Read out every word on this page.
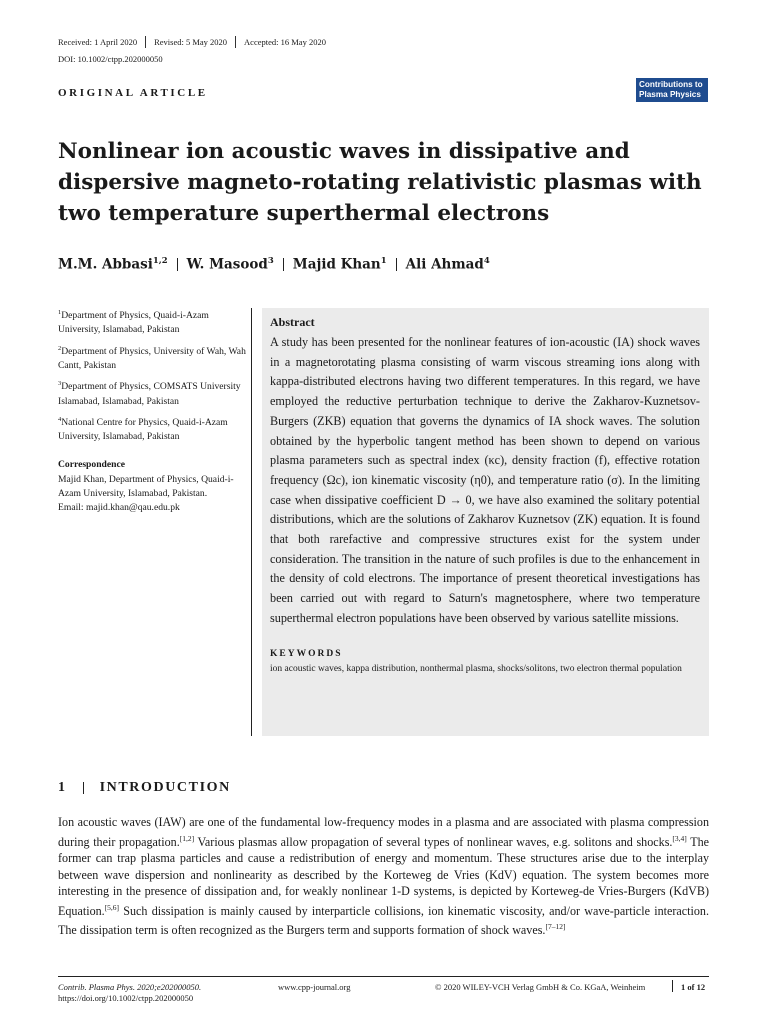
Received: 1 April 2020 Revised: 5 May 2020 Accepted: 16 May 2020
DOI: 10.1002/ctpp.202000050
ORIGINAL ARTICLE
Contributions to
Plasma Physics
Nonlinear ion acoustic waves in dissipative and dispersive magneto-rotating relativistic plasmas with two temperature superthermal electrons
M.M. Abbasi$^{1,2}$ W. Masood$^3$ Majid Khan$^1$ Ali Ahmad$^4$
$^1$Department of Physics, Quaid-i-Azam University, Islamabad, Pakistan
$^2$Department of Physics, University of Wah, Wah Cantt, Pakistan
$^3$Department of Physics, COMSATS University Islamabad, Islamabad, Pakistan
$^4$National Centre for Physics, Quaid-i-Azam University, Islamabad, Pakistan
Correspondence
Majid Khan, Department of Physics, Quaid-i-Azam University, Islamabad, Pakistan.
Email: majid.khan@qau.edu.pk
Abstract
A study has been presented for the nonlinear features of ion-acoustic (IA) shock waves in a magnetorotating plasma consisting of warm viscous streaming ions along with kappa-distributed electrons having two different temperatures. In this regard, we have employed the reductive perturbation technique to derive the Zakharov-Kuznetsov-Burgers (ZKB) equation that governs the dynamics of IA shock waves. The solution obtained by the hyperbolic tangent method has been shown to depend on various plasma parameters such as spectral index (κc), density fraction (f), effective rotation frequency (Ωc), ion kinematic viscosity (η0), and temperature ratio (σ). In the limiting case when dissipative coefficient D → 0, we have also examined the solitary potential distributions, which are the solutions of Zakharov Kuznetsov (ZK) equation. It is found that both rarefactive and compressive structures exist for the system under consideration. The transition in the nature of such profiles is due to the enhancement in the density of cold electrons. The importance of present theoretical investigations has been carried out with regard to Saturn's magnetosphere, where two temperature superthermal electron populations have been observed by various satellite missions.
KEYWORDS
ion acoustic waves, kappa distribution, nonthermal plasma, shocks/solitons, two electron thermal population
1 INTRODUCTION

Ion acoustic waves (IAW) are one of the fundamental low-frequency modes in a plasma and are associated with plasma compression during their propagation.[1,2] Various plasmas allow propagation of several types of nonlinear waves, e.g. solitons and shocks.[3,4] The former can trap plasma particles and cause a redistribution of energy and momentum. These structures arise due to the interplay between wave dispersion and nonlinearity as described by the Korteweg de Vries (KdV) equation. The system becomes more interesting in the presence of dissipation and, for weakly nonlinear 1-D systems, is depicted by Korteweg-de Vries-Burgers (KdVB) Equation.[5,6] Such dissipation is mainly caused by interparticle collisions, ion kinematic viscosity, and/or wave-particle interaction. The dissipation term is often recognized as the Burgers term and supports formation of shock waves.[7–12]

Contrib. Plasma Phys. 2020;e202000050.
https://doi.org/10.1002/ctpp.202000050
www.cpp-journal.org	© 2020 WILEY-VCH Verlag GmbH & Co. KGaA, Weinheim	1 of 12
